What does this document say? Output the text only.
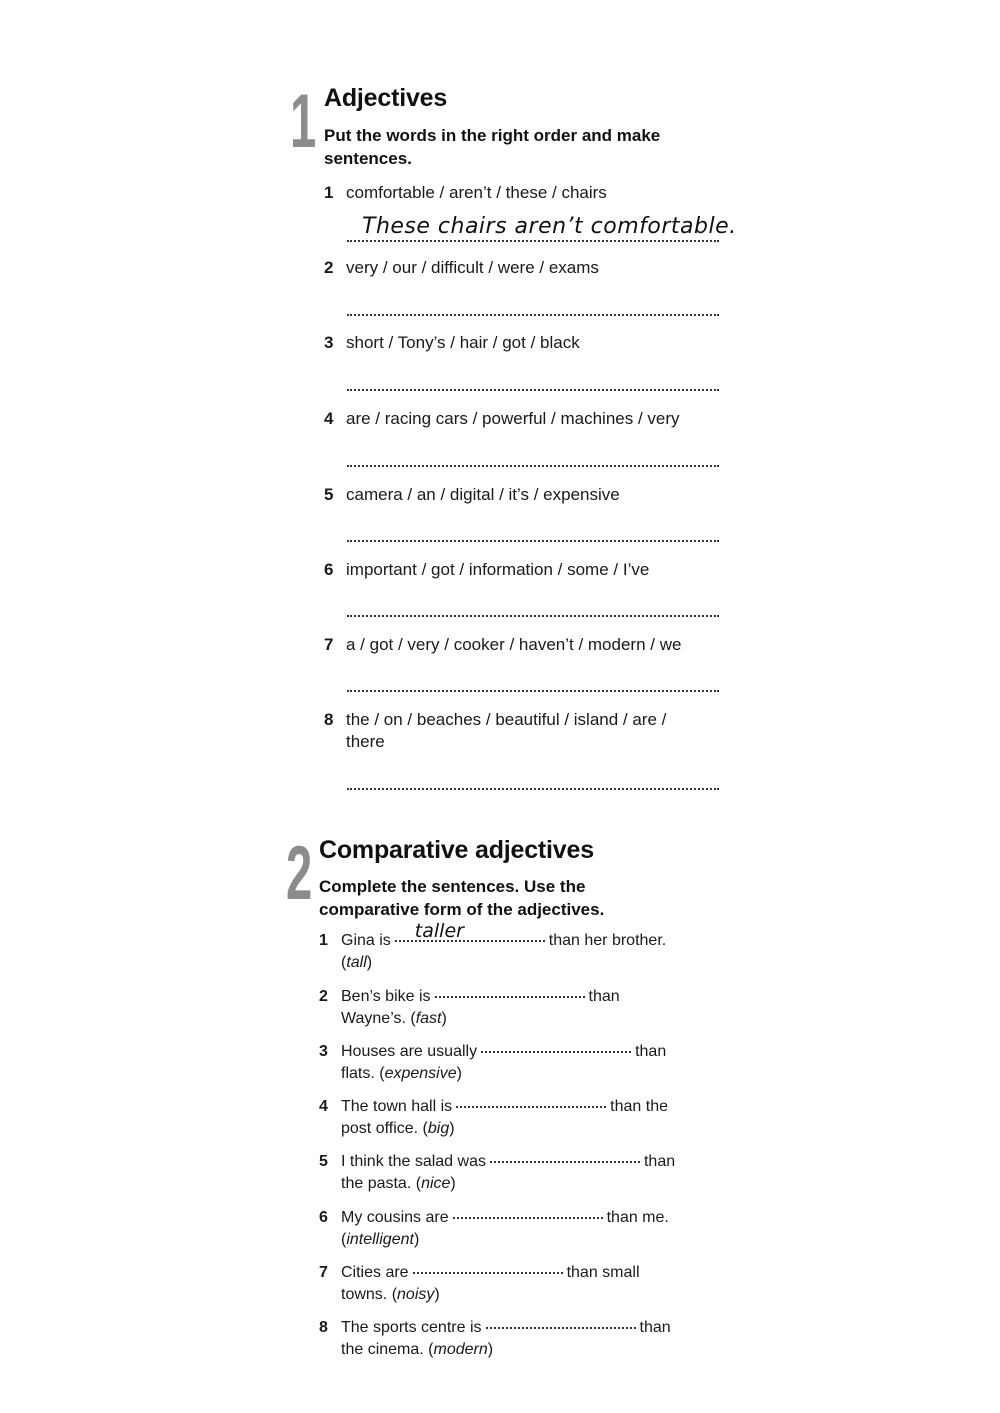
1 Adjectives
Put the words in the right order and make sentences.
1 comfortable / aren’t / these / chairs
These chairs aren’t comfortable.
2 very / our / difficult / were / exams
3 short / Tony’s / hair / got / black
4 are / racing cars / powerful / machines / very
5 camera / an / digital / it’s / expensive
6 important / got / information / some / I’ve
7 a / got / very / cooker / haven’t / modern / we
8 the / on / beaches / beautiful / island / are /
there
2 Comparative adjectives
Complete the sentences. Use the comparative form of the adjectives.
1 Gina is taller	than her brother.
(tall)
2 Ben’s bike is	than
Wayne’s. (fast)
3 Houses are usually	than
flats. (expensive)
4 The town hall is	than the
post office. (big)
5 I think the salad was	than
the pasta. (nice)
6 My cousins are	than me.
(intelligent)
7 Cities are	than small
towns. (noisy)
8 The sports centre is	than
the cinema. (modern)
